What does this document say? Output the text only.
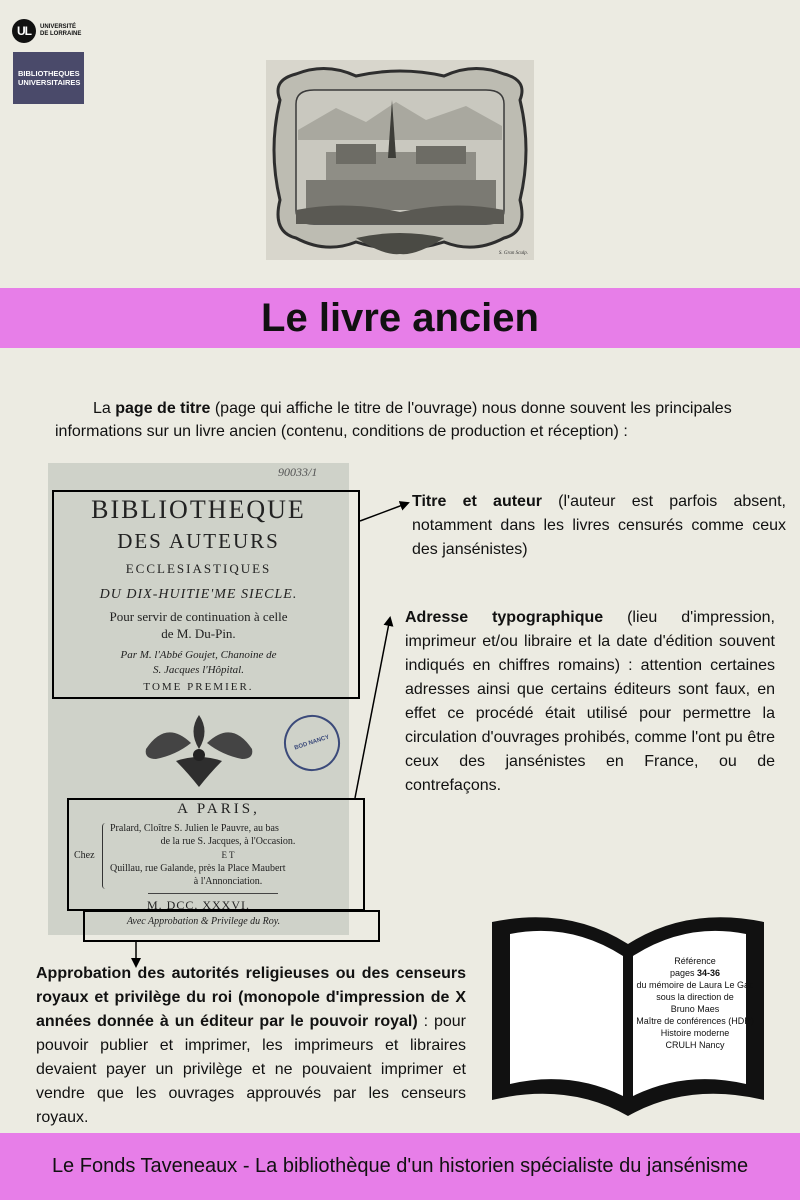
UL	UNIVERSITÉ
DE LORRAINE
BIBLIOTHEQUES
UNIVERSITAIRES
S. Gran Sculp.
Le livre ancien

La page de titre (page qui affiche le titre de l'ouvrage) nous donne souvent les principales informations sur un livre ancien (contenu, conditions de production et réception) :

90033/1
BIBLIOTHEQUE
DES AUTEURS
ECCLESIASTIQUES
DU DIX-HUITIE'ME SIECLE.
Pour servir de continuation à celle
de M. Du-Pin.
Par M. l'Abbé Goujet, Chanoine de
S. Jacques l'Hôpital.
TOME PREMIER.
BOD NANCY
A PARIS,
Chez
Pralard, Cloître S. Julien le Pauvre, au bas
de la rue S. Jacques, à l'Occasion.
E T
Quillau, rue Galande, près la Place Maubert
à l'Annonciation.
M. DCC. XXXVI.
Avec Approbation & Privilege du Roy.

Titre et auteur (l'auteur est parfois absent, notamment dans les livres censurés comme ceux des jansénistes)

Adresse typographique (lieu d'impression, imprimeur et/ou libraire et la date d'édition souvent indiqués en chiffres romains) : attention certaines adresses ainsi que certains éditeurs sont faux, en effet ce procédé était utilisé pour permettre la circulation d'ouvrages prohibés, comme l'ont pu être ceux des jansénistes en France, ou de contrefaçons.

Approbation des autorités religieuses ou des censeurs royaux et privilège du roi (monopole d'impression de X années donnée à un éditeur par le pouvoir royal) : pour pouvoir publier et imprimer, les imprimeurs et libraires devaient payer un privilège et ne pouvaient imprimer et vendre que les ouvrages approuvés par les censeurs royaux.

Référence
pages 34-36
du mémoire de Laura Le Gac
sous la direction de
Bruno Maes
Maître de conférences (HDR)
Histoire moderne
CRULH Nancy
Le Fonds Taveneaux - La bibliothèque d'un historien spécialiste du jansénisme
